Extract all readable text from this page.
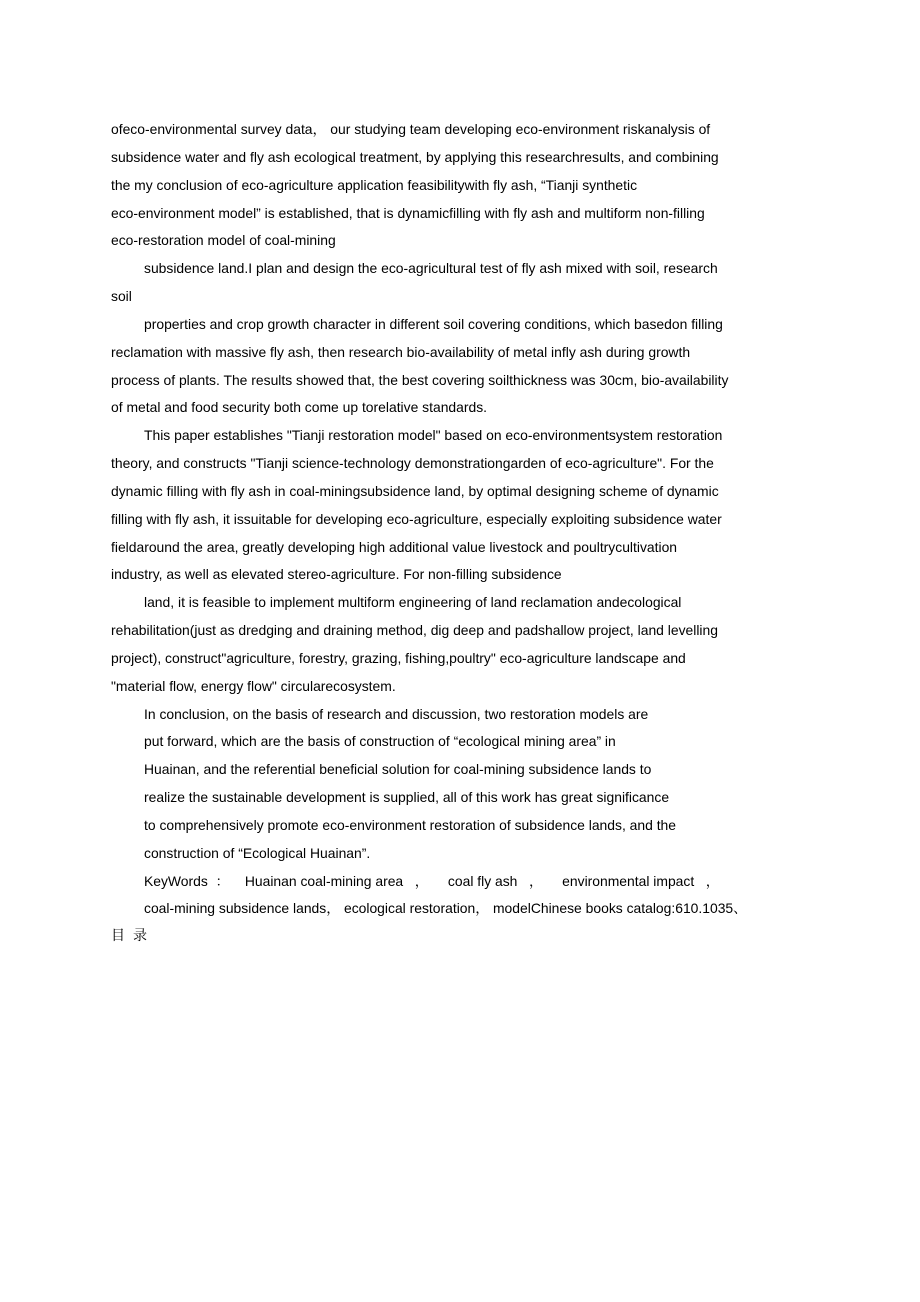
ofeco-environmental survey data， our studying team developing eco-environment riskanalysis of
subsidence water and fly ash ecological treatment, by applying this researchresults, and combining
the my conclusion of eco-agriculture application feasibilitywith fly ash, “Tianji synthetic
eco-environment model” is established, that is dynamicfilling with fly ash and multiform non-filling
eco-restoration model of coal-mining
subsidence land.I plan and design the eco-agricultural test of fly ash mixed with soil, research
soil
properties and crop growth character in different soil covering conditions, which basedon filling
reclamation with massive fly ash, then research bio-availability of metal infly ash during growth
process of plants. The results showed that, the best covering soilthickness was 30cm, bio-availability
of metal and food security both come up torelative standards.
This paper establishes "Tianji restoration model" based on eco-environmentsystem restoration
theory, and constructs "Tianji science-technology demonstrationgarden of eco-agriculture". For the
dynamic filling with fly ash in coal-miningsubsidence land, by optimal designing scheme of dynamic
filling with fly ash, it issuitable for developing eco-agriculture, especially exploiting subsidence water
fieldaround the area, greatly developing high additional value livestock and poultrycultivation
industry, as well as elevated stereo-agriculture. For non-filling subsidence
land, it is feasible to implement multiform engineering of land reclamation andecological
rehabilitation(just as dredging and draining method, dig deep and padshallow project, land levelling
project), construct"agriculture, forestry, grazing, fishing,poultry" eco-agriculture landscape and
"material flow, energy flow" circularecosystem.
In conclusion, on the basis of research and discussion, two restoration models are
put forward, which are the basis of construction of “ecological mining area” in
Huainan, and the referential beneficial solution for coal-mining subsidence lands to
realize the sustainable development is supplied, all of this work has great significance
to comprehensively promote eco-environment restoration of subsidence lands, and the
construction of “Ecological Huainan”.
KeyWords  ：    Huainan coal-mining area   ，     coal fly ash   ，     environmental impact   ，
coal-mining subsidence lands， ecological restoration， modelChinese books catalog:610.1035、
目录
